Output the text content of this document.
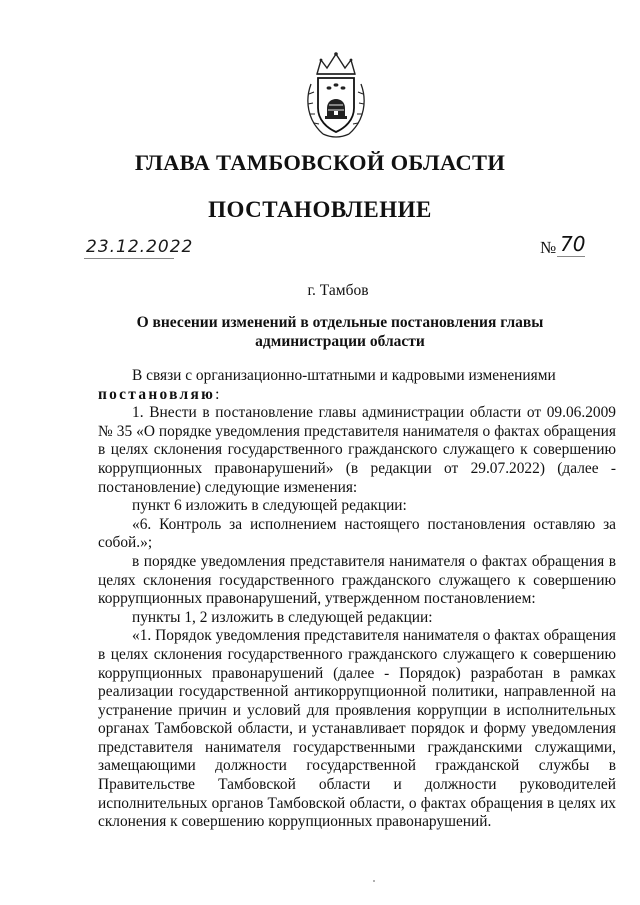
ГЛАВА ТАМБОВСКОЙ ОБЛАСТИ
ПОСТАНОВЛЕНИЕ
23.12.2022	№ 70
г. Тамбов
О внесении изменений в отдельные постановления главы
администрации области

В связи с организационно-штатными и кадровыми изменениями

постановляю:

1. Внести в постановление главы администрации области от 09.06.2009 № 35 «О порядке уведомления представителя нанимателя о фактах обращения в целях склонения государственного гражданского служащего к совершению коррупционных правонарушений» (в редакции от 29.07.2022) (далее - постановление) следующие изменения:

пункт 6 изложить в следующей редакции:

«6. Контроль за исполнением настоящего постановления оставляю за собой.»;

в порядке уведомления представителя нанимателя о фактах обращения в целях склонения государственного гражданского служащего к совершению коррупционных правонарушений, утвержденном постановлением:

пункты 1, 2 изложить в следующей редакции:

«1. Порядок уведомления представителя нанимателя о фактах обращения в целях склонения государственного гражданского служащего к совершению коррупционных правонарушений (далее - Порядок) разработан в рамках реализации государственной антикоррупционной политики, направленной на устранение причин и условий для проявления коррупции в исполнительных органах Тамбовской области, и устанавливает порядок и форму уведомления представителя нанимателя государственными гражданскими служащими, замещающими должности государственной гражданской службы в Правительстве Тамбовской области и должности руководителей исполнительных органов Тамбовской области, о фактах обращения в целях их склонения к совершению коррупционных правонарушений.
